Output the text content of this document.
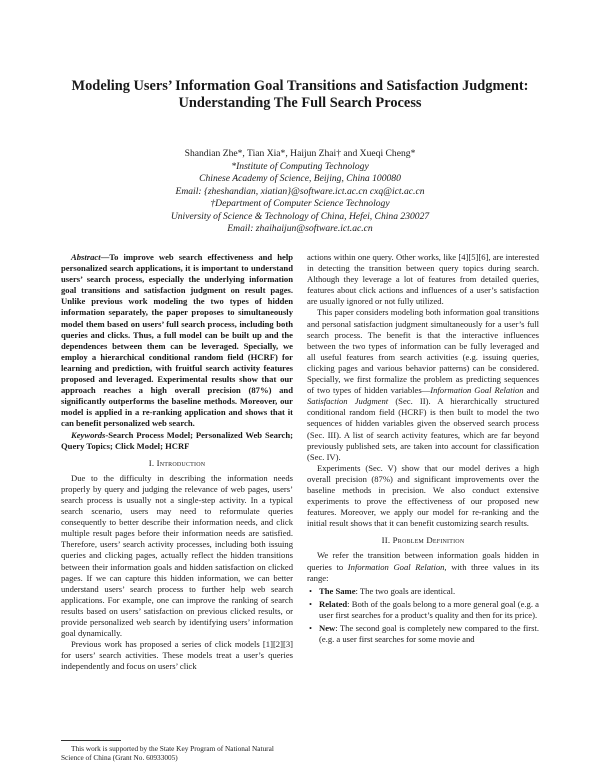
Modeling Users’ Information Goal Transitions and Satisfaction Judgment:
Understanding The Full Search Process
Shandian Zhe*, Tian Xia*, Haijun Zhai† and Xueqi Cheng*
*Institute of Computing Technology
Chinese Academy of Science, Beijing, China 100080
Email: {zheshandian, xiatian}@software.ict.ac.cn cxq@ict.ac.cn
†Department of Computer Science Technology
University of Science & Technology of China, Hefei, China 230027
Email: zhaihaijun@software.ict.ac.cn

Abstract—To improve web search effectiveness and help personalized search applications, it is important to understand users’ search process, especially the underlying information goal transitions and satisfaction judgment on result pages. Unlike previous work modeling the two types of hidden information separately, the paper proposes to simultaneously model them based on users’ full search process, including both queries and clicks. Thus, a full model can be built up and the dependences between them can be leveraged. Specially, we employ a hierarchical conditional random field (HCRF) for learning and prediction, with fruitful search activity features proposed and leveraged. Experimental results show that our approach reaches a high overall precision (87%) and significantly outperforms the baseline methods. Moreover, our model is applied in a re-ranking application and shows that it can benefit personalized web search.

Keywords-Search Process Model; Personalized Web Search; Query Topics; Click Model; HCRF

I. Introduction

Due to the difficulty in describing the information needs properly by query and judging the relevance of web pages, users’ search process is usually not a single-step activity. In a typical search scenario, users may need to reformulate queries consequently to better describe their information needs, and click multiple result pages before their information needs are satisfied. Therefore, users’ search activity processes, including both issuing queries and clicking pages, actually reflect the hidden transitions between their information goals and hidden satisfaction on clicked pages. If we can capture this hidden information, we can better understand users’ search process to further help web search applications. For example, one can improve the ranking of search results based on users’ satisfaction on previous clicked results, or provide personalized web search by identifying users’ information goal dynamically.

Previous work has proposed a series of click models [1][2][3] for users’ search activities. These models treat a user’s queries independently and focus on users’ click

This work is supported by the State Key Program of National Natural Science of China (Grant No. 60933005)

actions within one query. Other works, like [4][5][6], are interested in detecting the transition between query topics during search. Although they leverage a lot of features from detailed queries, features about click actions and influences of a user’s satisfaction are usually ignored or not fully utilized.

This paper considers modeling both information goal transitions and personal satisfaction judgment simultaneously for a user’s full search process. The benefit is that the interactive influences between the two types of information can be fully leveraged and all useful features from search activities (e.g. issuing queries, clicking pages and various behavior patterns) can be considered. Specially, we first formalize the problem as predicting sequences of two types of hidden variables—Information Goal Relation and Satisfaction Judgment (Sec. II). A hierarchically structured conditional random field (HCRF) is then built to model the two sequences of hidden variables given the observed search process (Sec. III). A list of search activity features, which are far beyond previously published sets, are taken into account for classification (Sec. IV).

Experiments (Sec. V) show that our model derives a high overall precision (87%) and significant improvements over the baseline methods in precision. We also conduct extensive experiments to prove the effectiveness of our proposed new features. Moreover, we apply our model for re-ranking and the initial result shows that it can benefit customizing search results.

II. Problem Definition

We refer the transition between information goals hidden in queries to Information Goal Relation, with three values in its range:

• The Same: The two goals are identical.
• Related: Both of the goals belong to a more general goal (e.g. a user first searches for a product’s quality and then for its price).
• New: The second goal is completely new compared to the first. (e.g. a user first searches for some movie and
